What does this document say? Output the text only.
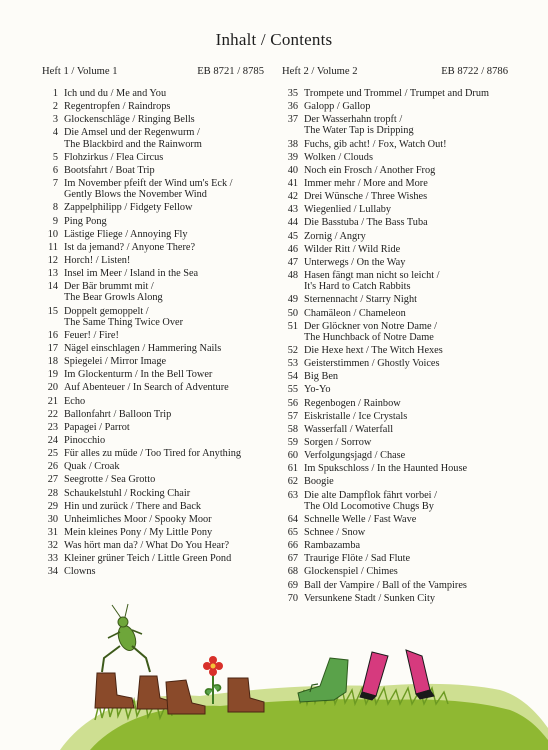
Inhalt / Contents
Heft 1 / Volume 1	EB 8721 / 8785
1 Ich und du / Me and You
2 Regentropfen / Raindrops
3 Glockenschläge / Ringing Bells
4 Die Amsel und der Regenwurm /
The Blackbird and the Rainworm
5 Flohzirkus / Flea Circus
6 Bootsfahrt / Boat Trip
7 Im November pfeift der Wind um's Eck /
Gently Blows the November Wind
8 Zappelphilipp / Fidgety Fellow
9 Ping Pong
10 Lästige Fliege / Annoying Fly
11 Ist da jemand? / Anyone There?
12 Horch! / Listen!
13 Insel im Meer / Island in the Sea
14 Der Bär brummt mit /
The Bear Growls Along
15 Doppelt gemoppelt /
The Same Thing Twice Over
16 Feuer! / Fire!
17 Nägel einschlagen / Hammering Nails
18 Spiegelei / Mirror Image
19 Im Glockenturm / In the Bell Tower
20 Auf Abenteuer / In Search of Adventure
21 Echo
22 Ballonfahrt / Balloon Trip
23 Papagei / Parrot
24 Pinocchio
25 Für alles zu müde / Too Tired for Anything
26 Quak / Croak
27 Seegrotte / Sea Grotto
28 Schaukelstuhl / Rocking Chair
29 Hin und zurück / There and Back
30 Unheimliches Moor / Spooky Moor
31 Mein kleines Pony / My Little Pony
32 Was hört man da? / What Do You Hear?
33 Kleiner grüner Teich / Little Green Pond
34 Clowns
Heft 2 / Volume 2	EB 8722 / 8786
35 Trompete und Trommel / Trumpet and Drum
36 Galopp / Gallop
37 Der Wasserhahn tropft /
The Water Tap is Dripping
38 Fuchs, gib acht! / Fox, Watch Out!
39 Wolken / Clouds
40 Noch ein Frosch / Another Frog
41 Immer mehr / More and More
42 Drei Wünsche / Three Wishes
43 Wiegenlied / Lullaby
44 Die Basstuba / The Bass Tuba
45 Zornig / Angry
46 Wilder Ritt / Wild Ride
47 Unterwegs / On the Way
48 Hasen fängt man nicht so leicht /
It's Hard to Catch Rabbits
49 Sternennacht / Starry Night
50 Chamäleon / Chameleon
51 Der Glöckner von Notre Dame /
The Hunchback of Notre Dame
52 Die Hexe hext / The Witch Hexes
53 Geisterstimmen / Ghostly Voices
54 Big Ben
55 Yo-Yo
56 Regenbogen / Rainbow
57 Eiskristalle / Ice Crystals
58 Wasserfall / Waterfall
59 Sorgen / Sorrow
60 Verfolgungsjagd / Chase
61 Im Spukschloss / In the Haunted House
62 Boogie
63 Die alte Dampflok fährt vorbei /
The Old Locomotive Chugs By
64 Schnelle Welle / Fast Wave
65 Schnee / Snow
66 Rambazamba
67 Traurige Flöte / Sad Flute
68 Glockenspiel / Chimes
69 Ball der Vampire / Ball of the Vampires
70 Versunkene Stadt / Sunken City
